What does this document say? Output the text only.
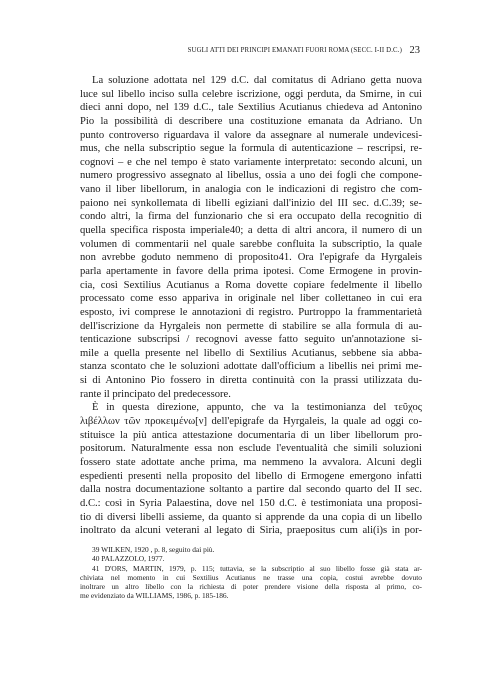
SUGLI ATTI DEI PRINCIPI EMANATI FUORI ROMA (SECC. I-II D.C.) 23
La soluzione adottata nel 129 d.C. dal comitatus di Adriano getta nuova
luce sul libello inciso sulla celebre iscrizione, oggi perduta, da Smirne, in cui
dieci anni dopo, nel 139 d.C., tale Sextilius Acutianus chiedeva ad Antonino
Pio la possibilità di describere una costituzione emanata da Adriano. Un
punto controverso riguardava il valore da assegnare al numerale undevicesi-
mus, che nella subscriptio segue la formula di autenticazione – rescripsi, re-
cognovi – e che nel tempo è stato variamente interpretato: secondo alcuni, un
numero progressivo assegnato al libellus, ossia a uno dei fogli che componе-
vano il liber libellorum, in analogia con le indicazioni di registro che com-
paiono nei synkollemata di libelli egiziani dall'inizio del III sec. d.C.39; se-
condo altri, la firma del funzionario che si era occupato della recognitio di
quella specifica risposta imperiale40; a detta di altri ancora, il numero di un
volumen di commentarii nel quale sarebbe confluita la subscriptio, la quale
non avrebbe goduto nemmeno di proposito41. Ora l'epigrafe da Hyrgaleis
parla apertamente in favore della prima ipotesi. Come Ermogene in provin-
cia, così Sextilius Acutianus a Roma dovette copiare fedelmente il libello
processato come esso appariva in originale nel liber collettaneo in cui era
esposto, ivi comprese le annotazioni di registro. Purtroppo la frammentarietà
dell'iscrizione da Hyrgaleis non permette di stabilire se alla formula di au-
tenticazione subscripsi / recognovi avesse fatto seguito un'annotazione si-
mile a quella presente nel libello di Sextilius Acutianus, sebbene sia abba-
stanza scontato che le soluzioni adottate dall'officium a libellis nei primi me-
si di Antonino Pio fossero in diretta continuità con la prassi utilizzata du-
rante il principato del predecessore.
È in questa direzione, appunto, che va la testimonianza del τεῦχος
λιβέλλων τῶν προκειμένω[ν] dell'epigrafe da Hyrgaleis, la quale ad oggi co-
stituisce la più antica attestazione documentaria di un liber libellorum pro-
positorum. Naturalmente essa non esclude l'eventualità che simili soluzioni
fossero state adottate anche prima, ma nemmeno la avvalora. Alcuni degli
espedienti presenti nella proposito del libello di Ermogene emergono infatti
dalla nostra documentazione soltanto a partire dal secondo quarto del II sec.
d.C.: così in Syria Palaestina, dove nel 150 d.C. è testimoniata una proposi-
tio di diversi libelli assieme, da quanto si apprende da una copia di un libello
inoltrato da alcuni veterani al legato di Siria, praepositus cum ali(i)s in por-
39 WILKEN, 1920 , p. 8, seguito dai più.
40 PALAZZOLO, 1977.
41 D'ORS, MARTIN, 1979, p. 115; tuttavia, se la subscriptio al suo libello fosse già stata ar-
chiviata nel momento in cui Sextilius Acutianus ne trasse una copia, costui avrebbe dovuto
inoltrare un altro libello con la richiesta di poter prendere visione della risposta al primo, co-
me evidenziato da WILLIAMS, 1986, p. 185-186.
